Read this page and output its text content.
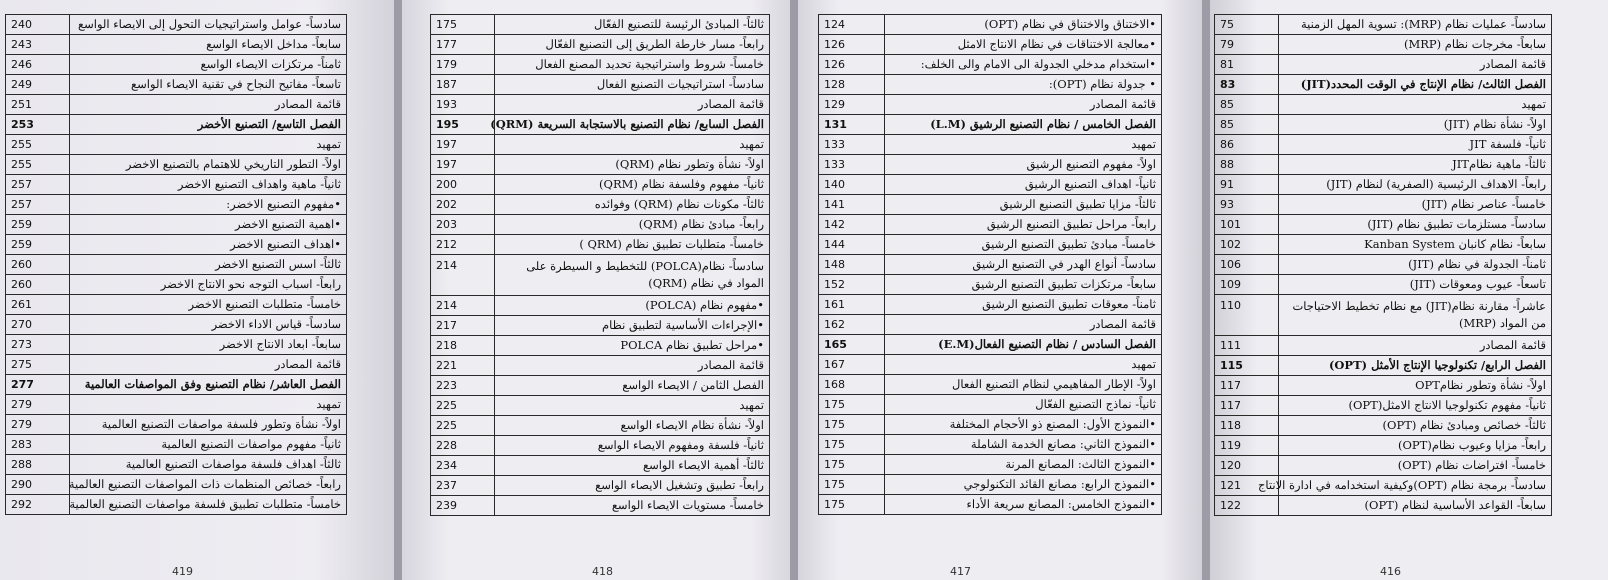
240	سادساً- عوامل واستراتيجيات التحول إلى الايصاء الواسع
243	سابعاً- مداخل الايصاء الواسع
246	ثامناً- مرتكزات الايصاء الواسع
249	تاسعاً- مفاتيح النجاح في تقنية الايصاء الواسع
251	قائمة المصادر
253	الفصل التاسع/ التصنيع الأخضر
255	تمهيد
255	اولاً- التطور التاريخي للاهتمام بالتصنيع الاخضر
257	ثانياً- ماهية واهداف التصنيع الاخضر
257	•مفهوم التصنيع الاخضر:
259	•اهمية التصنيع الاخضر
259	•اهداف التصنيع الاخضر
260	ثالثاً- اسس التصنيع الاخضر
260	رابعاً- اسباب التوجه نحو الانتاج الاخضر
261	خامساً- متطلبات التصنيع الاخضر
270	سادساً- قياس الاداء الاخضر
273	سابعاً- ابعاد الانتاج الاخضر
275	قائمة المصادر
277	الفصل العاشر/ نظام التصنيع وفق المواصفات العالمية
279	تمهيد
279	اولاً- نشأة وتطور فلسفة مواصفات التصنيع العالمية
283	ثانياً- مفهوم مواصفات التصنيع العالمية
288	ثالثاً- اهداف فلسفة مواصفات التصنيع العالمية
290	رابعاً- خصائص المنظمات ذات المواصفات التصنيع العالمية
292	خامساً- متطلبات تطبيق فلسفة مواصفات التصنيع العالمية
419
175	ثالثاً- المبادئ الرئيسة للتصنيع الفعّال
177	رابعاً- مسار خارطة الطريق إلى التصنيع الفعّال
179	خامساً- شروط واستراتيجية تحديد المصنع الفعال
187	سادساً- استراتيجيات التصنيع الفعال
193	قائمة المصادر
195	الفصل السابع/ نظام التصنيع بالاستجابة السريعة (QRM)
197	تمهيد
197	اولاً- نشأة وتطور نظام (QRM)
200	ثانياً- مفهوم وفلسفة نظام (QRM)
202	ثالثاً- مكونات نظام (QRM) وفوائده
203	رابعاً- مبادئ نظام (QRM)
212	خامساً- متطلبات تطبيق نظام (QRM )
214	سادساً- نظام(POLCA) للتخطيط و السيطرة على المواد في نظام (QRM)
214	•مفهوم نظام (POLCA)
217	•الإجراءات الأساسية لتطبيق نظام
218	•مراحل تطبيق نظام POLCA
221	قائمة المصادر
223	الفصل الثامن / الايصاء الواسع
225	تمهيد
225	اولاً- نشأة نظام الايصاء الواسع
228	ثانياً- فلسفة ومفهوم الايصاء الواسع
234	ثالثاً- أهمية الايصاء الواسع
237	رابعاً- تطبيق وتشغيل الايصاء الواسع
239	خامساً- مستويات الايصاء الواسع
418
124	•الاختناق والاختناق في نظام (OPT)
126	•معالجة الاختناقات في نظام الانتاج الامثل
126	•استخدام مدخلي الجدولة الى الامام والى الخلف:
128	• جدولة نظام (OPT):
129	قائمة المصادر
131	الفصل الخامس / نظام التصنيع الرشيق (L.M)
133	تمهيد
133	اولاً- مفهوم التصنيع الرشيق
140	ثانياً- اهداف التصنيع الرشيق
141	ثالثاً- مزايا تطبيق التصنيع الرشيق
142	رابعاً- مراحل تطبيق التصنيع الرشيق
144	خامساً- مبادئ تطبيق التصنيع الرشيق
148	سادساً- أنواع الهدر في التصنيع الرشيق
152	سابعاً- مرتكزات تطبيق التصنيع الرشيق
161	ثامناً- معوقات تطبيق التصنيع الرشيق
162	قائمة المصادر
165	الفصل السادس / نظام التصنيع الفعال(E.M)
167	تمهيد
168	اولاً- الإطار المفاهيمي لنظام التصنيع الفعال
175	ثانياً- نماذج التصنيع الفعّال
175	•النموذج الأول: المصنع ذو الأحجام المختلفة
175	•النموذج الثاني: مصانع الخدمة الشاملة
175	•النموذج الثالث: المصانع المرنة
175	•النموذج الرابع: مصانع القائد التكنولوجي
175	•النموذج الخامس: المصانع سريعة الأداء
417
75	سادساً- عمليات نظام (MRP): تسوية المهل الزمنية
79	سابعاً- مخرجات نظام (MRP)
81	قائمة المصادر
83	الفصل الثالث/ نظام الإنتاج في الوقت المحدد(JIT)
85	تمهيد
85	اولاً- نشأة نظام (JIT)
86	ثانياً- فلسفة JIT
88	ثالثاً- ماهية نظامJIT
91	رابعاً- الاهداف الرئيسية (الصفرية) لنظام (JIT)
93	خامساً- عناصر نظام (JIT)
101	سادساً- مستلزمات تطبيق نظام (JIT)
102	سابعاً- نظام كانبان Kanban System
106	ثامناً- الجدولة في نظام (JIT)
109	تاسعاً- عيوب ومعوقات (JIT)
110	عاشراً- مقارنة نظام(JIT) مع نظام تخطيط الاحتياجات من المواد (MRP)
111	قائمة المصادر
115	الفصل الرابع/ تكنولوجيا الإنتاج الأمثل (OPT)
117	اولاً- نشأة وتطور نظامOPT
117	ثانياً- مفهوم تكنولوجيا الانتاج الامثل(OPT)
118	ثالثاً- خصائص ومبادئ نظام (OPT)
119	رابعاً- مزايا وعيوب نظام(OPT)
120	خامساً- افتراضات نظام (OPT)
121	سادساً- برمجة نظام (OPT)وكيفية استخدامه في ادارة الانتاج
122	سابعاً- القواعد الأساسية لنظام (OPT)
416
